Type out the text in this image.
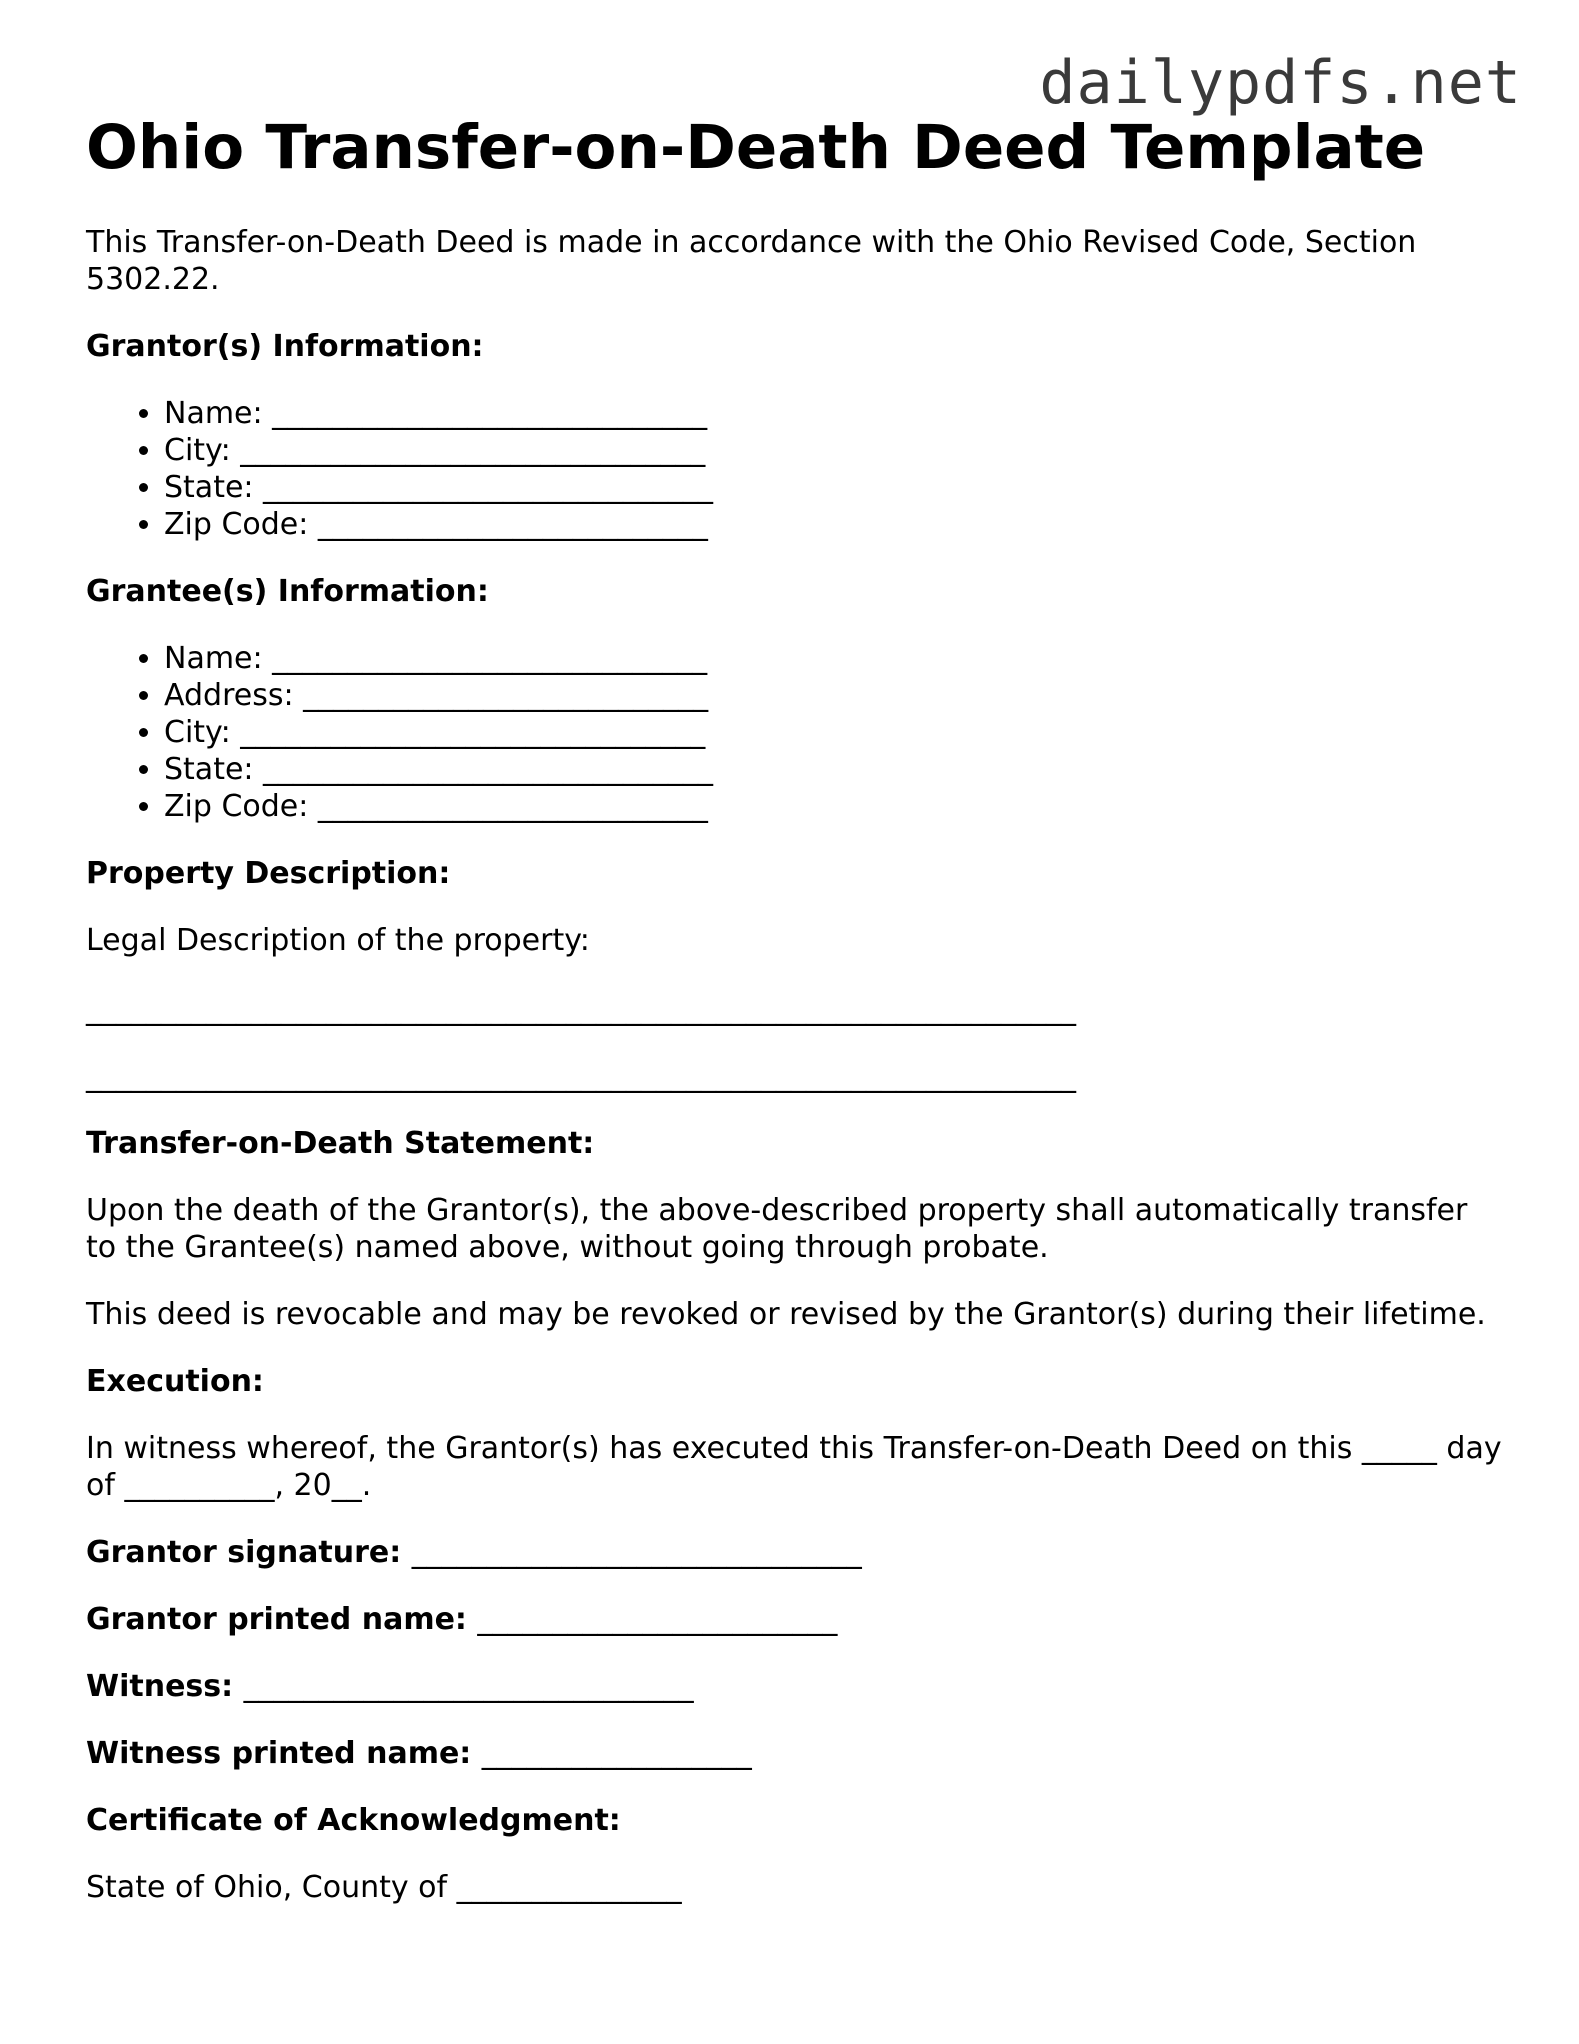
dailypdfs.net
Ohio Transfer-on-Death Deed Template

This Transfer-on-Death Deed is made in accordance with the Ohio Revised Code, Section 5302.22.

Grantor(s) Information:

• Name: _____________________________
• City: _______________________________
• State: ______________________________
• Zip Code: __________________________

Grantee(s) Information:

• Name: _____________________________
• Address: ___________________________
• City: _______________________________
• State: ______________________________
• Zip Code: __________________________

Property Description:

Legal Description of the property:

__________________________________________________________________

__________________________________________________________________

Transfer-on-Death Statement:

Upon the death of the Grantor(s), the above-described property shall automatically transfer to the Grantee(s) named above, without going through probate.

This deed is revocable and may be revoked or revised by the Grantor(s) during their lifetime.

Execution:

In witness whereof, the Grantor(s) has executed this Transfer-on-Death Deed on this _____ day of __________, 20__.

Grantor signature: ______________________________

Grantor printed name: ________________________

Witness: ______________________________

Witness printed name: __________________

Certificate of Acknowledgment:

State of Ohio, County of _______________
